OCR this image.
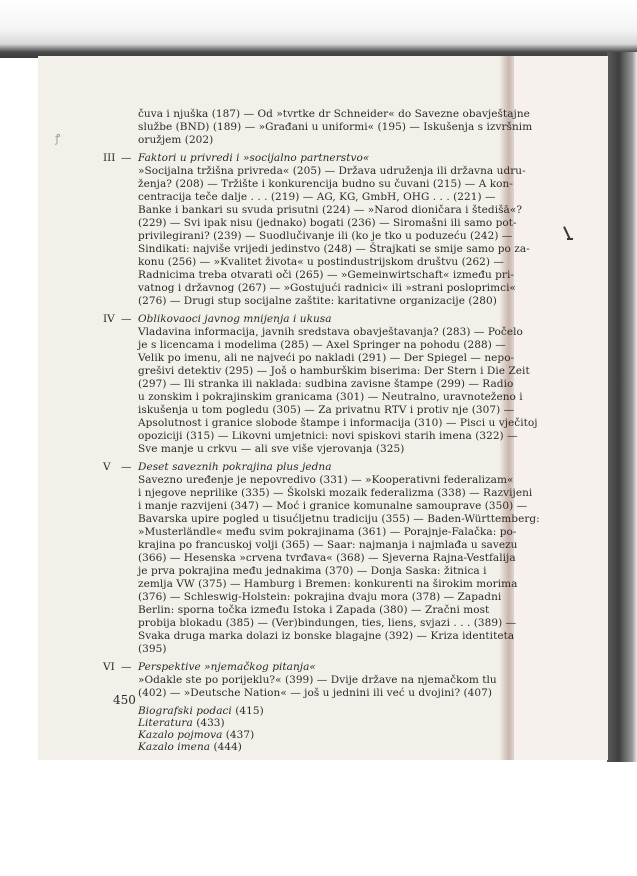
ꝭ
čuva i njuška (187) — Od »tvrtke dr Schneider« do Savezne obavještajne
službe (BND) (189) — »Građani u uniformi« (195) — Iskušenja s izvršnim
oružjem (202)
III — Faktori u privredi i »socijalno partnerstvo«
»Socijalna tržišna privreda« (205) — Država udruženja ili državna udru-
ženja? (208) — Tržište i konkurencija budno su čuvani (215) — A kon-
centracija teče dalje . . . (219) — AG, KG, GmbH, OHG . . . (221) —
Banke i bankari su svuda prisutni (224) — »Narod dioničara i štedišā«?
(229) — Svi ipak nisu (jednako) bogati (236) — Siromašni ili samo pot-
privilegirani? (239) — Suodlučivanje ili (ko je tko u poduzeću (242) —
Sindikati: najviše vrijedi jedinstvo (248) — Štrajkati se smije samo po za-
konu (256) — »Kvalitet života« u postindustrijskom društvu (262) —
Radnicima treba otvarati oči (265) — »Gemeinwirtschaft« između pri-
vatnog i državnog (267) — »Gostujući radnici« ili »strani posloprimci«
(276) — Drugi stup socijalne zaštite: karitativne organizacije (280)
IV — Oblikovaoci javnog mnijenja i ukusa
Vladavina informacija, javnih sredstava obavještavanja? (283) — Počelo
je s licencama i modelima (285) — Axel Springer na pohodu (288) —
Velik po imenu, ali ne najveći po nakladi (291) — Der Spiegel — nepo-
grešivi detektiv (295) — Još o hamburškim biserima: Der Stern i Die Zeit
(297) — Ili stranka ili naklada: sudbina zavisne štampe (299) — Radio
u zonskim i pokrajinskim granicama (301) — Neutralno, uravnoteženo i
iskušenja u tom pogledu (305) — Za privatnu RTV i protiv nje (307) —
Apsolutnost i granice slobode štampe i informacija (310) — Pisci u vječitoj
opoziciji (315) — Likovni umjetnici: novi spiskovi starih imena (322) —
Sve manje u crkvu — ali sve više vjerovanja (325)
V — Deset saveznih pokrajina plus jedna
Savezno uređenje je nepovredivo (331) — »Kooperativni federalizam«
i njegove neprilike (335) — Školski mozaik federalizma (338) — Razvijeni
i manje razvijeni (347) — Moć i granice komunalne samouprave (350) —
Bavarska upire pogled u tisućljetnu tradiciju (355) — Baden-Württemberg:
»Musterländle« među svim pokrajinama (361) — Porajnje-Falačka: po-
krajina po francuskoj volji (365) — Saar: najmanja i najmlađa u savezu
(366) — Hesenska »crvena tvrđava« (368) — Sjeverna Rajna-Vestfalija
je prva pokrajina među jednakima (370) — Donja Saska: žitnica i
zemlja VW (375) — Hamburg i Bremen: konkurenti na širokim morima
(376) — Schleswig-Holstein: pokrajina dvaju mora (378) — Zapadni
Berlin: sporna točka između Istoka i Zapada (380) — Zračni most
probija blokadu (385) — (Ver)bindungen, ties, liens, svjazi . . . (389) —
Svaka druga marka dolazi iz bonske blagajne (392) — Kriza identiteta
(395)
VI — Perspektive »njemačkog pitanja«
»Odakle ste po porijeklu?« (399) — Dvije države na njemačkom tlu
(402) — »Deutsche Nation« — još u jednini ili već u dvojini? (407)
Biografski podaci (415)
Literatura (433)
Kazalo pojmova (437)
Kazalo imena (444)
450
